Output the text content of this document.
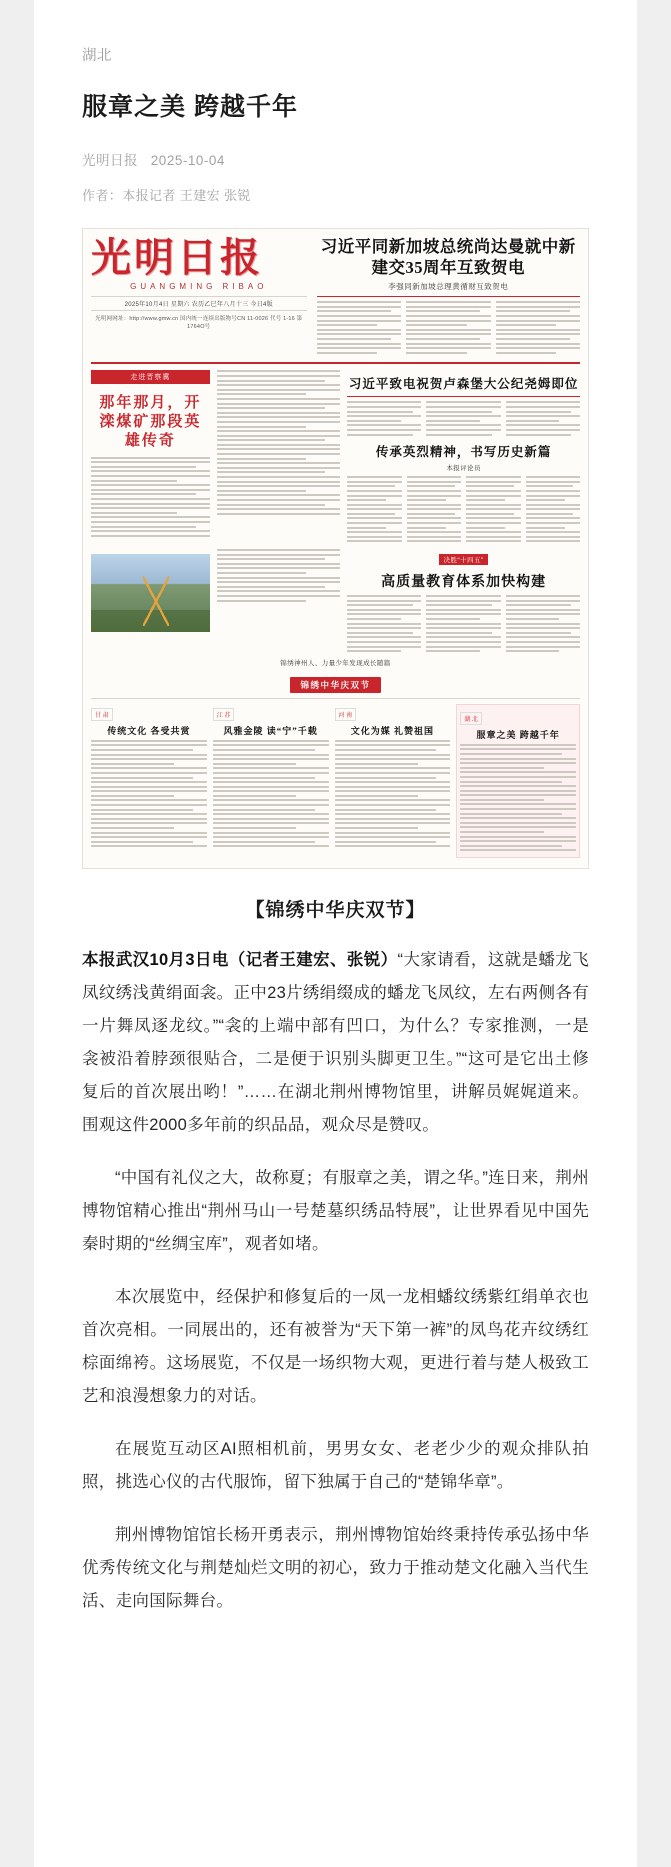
湖北
服章之美 跨越千年
光明日报 2025-10-04
作者：本报记者 王建宏 张锐
光明日报
GUANGMING RIBAO
2025年10月4日 星期六 农历乙巳年八月十三 今日4版
光明网网址：http://www.gmw.cn 国内统一连续出版物号CN 11-0026 代号 1-16 第1764O号
习近平同新加坡总统尚达曼就中新建交35周年互致贺电
李强同新加坡总理黄循财互致贺电
走进晋察冀
那年那月，开滦煤矿那段英雄传奇
习近平致电祝贺卢森堡大公纪尧姆即位
传承英烈精神，书写历史新篇
本报评论员
决胜“十四五”
高质量教育体系加快构建
锦绣神州人、力量少年发现成长随篇
锦绣中华庆双节
甘 肃
传统文化 各受共赏
江 苏
风雅金陵 读“宁”千载
河 南
文化为媒 礼赞祖国
湖 北
服章之美 跨越千年
【锦绣中华庆双节】

本报武汉10月3日电（记者王建宏、张锐）“大家请看，这就是蟠龙飞凤纹绣浅黄绢面衾。正中23片绣绢缀成的蟠龙飞凤纹，左右两侧各有一片舞凤逐龙纹。”“衾的上端中部有凹口，为什么？专家推测，一是衾被沿着脖颈很贴合，二是便于识别头脚更卫生。”“这可是它出土修复后的首次展出哟！”……在湖北荆州博物馆里，讲解员娓娓道来。围观这件2000多年前的织品品，观众尽是赞叹。

“中国有礼仪之大，故称夏；有服章之美，谓之华。”连日来，荆州博物馆精心推出“荆州马山一号楚墓织绣品特展”，让世界看见中国先秦时期的“丝绸宝库”，观者如堵。

本次展览中，经保护和修复后的一凤一龙相蟠纹绣紫红绢单衣也首次亮相。一同展出的，还有被誉为“天下第一裤”的凤鸟花卉纹绣红棕面绵袴。这场展览，不仅是一场织物大观，更进行着与楚人极致工艺和浪漫想象力的对话。

在展览互动区AI照相机前，男男女女、老老少少的观众排队拍照，挑选心仪的古代服饰，留下独属于自己的“楚锦华章”。

荆州博物馆馆长杨开勇表示，荆州博物馆始终秉持传承弘扬中华优秀传统文化与荆楚灿烂文明的初心，致力于推动楚文化融入当代生活、走向国际舞台。
